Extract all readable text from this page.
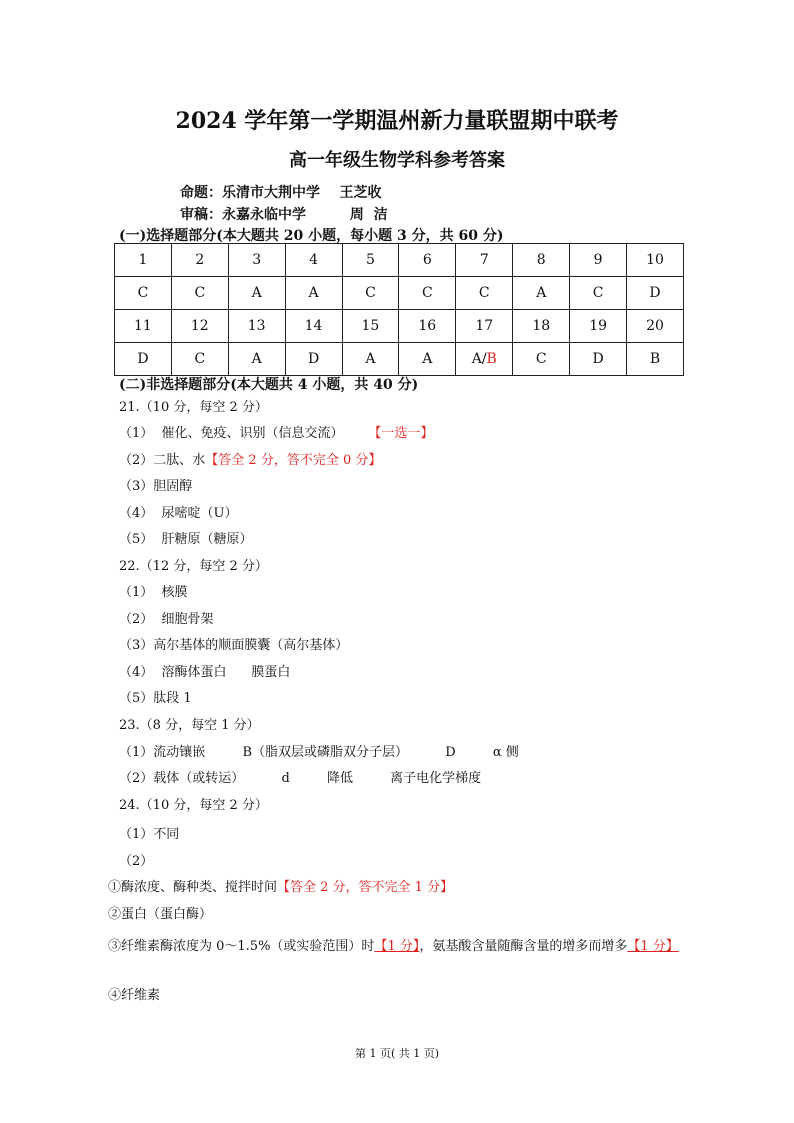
2024 学年第一学期温州新力量联盟期中联考
高一年级生物学科参考答案
命题：乐清市大荆中学    王芝收
审稿：永嘉永临中学         周  洁
(一)选择题部分(本大题共 20 小题，每小题 3 分，共 60 分)
1	2	3	4	5	6	7	8	9	10
C	C	A	A	C	C	C	A	C	D
11	12	13	14	15	16	17	18	19	20
D	C	A	D	A	A	A/B	C	D	B
(二)非选择题部分(本大题共 4 小题，共 40 分)
21.（10 分，每空 2 分）
（1）  催化、免疫、识别（信息交流） 【一选一】
（2）二肽、水【答全 2 分，答不完全 0 分】
（3）胆固醇
（4）  尿嘧啶（U）
（5）  肝糖原（糖原）
22.（12 分，每空 2 分）
（1）  核膜
（2）  细胞骨架
（3）高尔基体的顺面膜囊（高尔基体）
（4）  溶酶体蛋白      膜蛋白
（5）肽段 1
23.（8 分，每空 1 分）
（1）流动镶嵌         B（脂双层或磷脂双分子层）         D         α 侧
（2）载体（或转运）         d         降低         离子电化学梯度
24.（10 分，每空 2 分）
（1）不同
（2）
①酶浓度、酶种类、搅拌时间【答全 2 分，答不完全 1 分】
②蛋白（蛋白酶）
③纤维素酶浓度为 0～1.5%（或实验范围）时【1 分】，氨基酸含量随酶含量的增多而增多【1 分】
④纤维素
第 1 页( 共 1 页)
